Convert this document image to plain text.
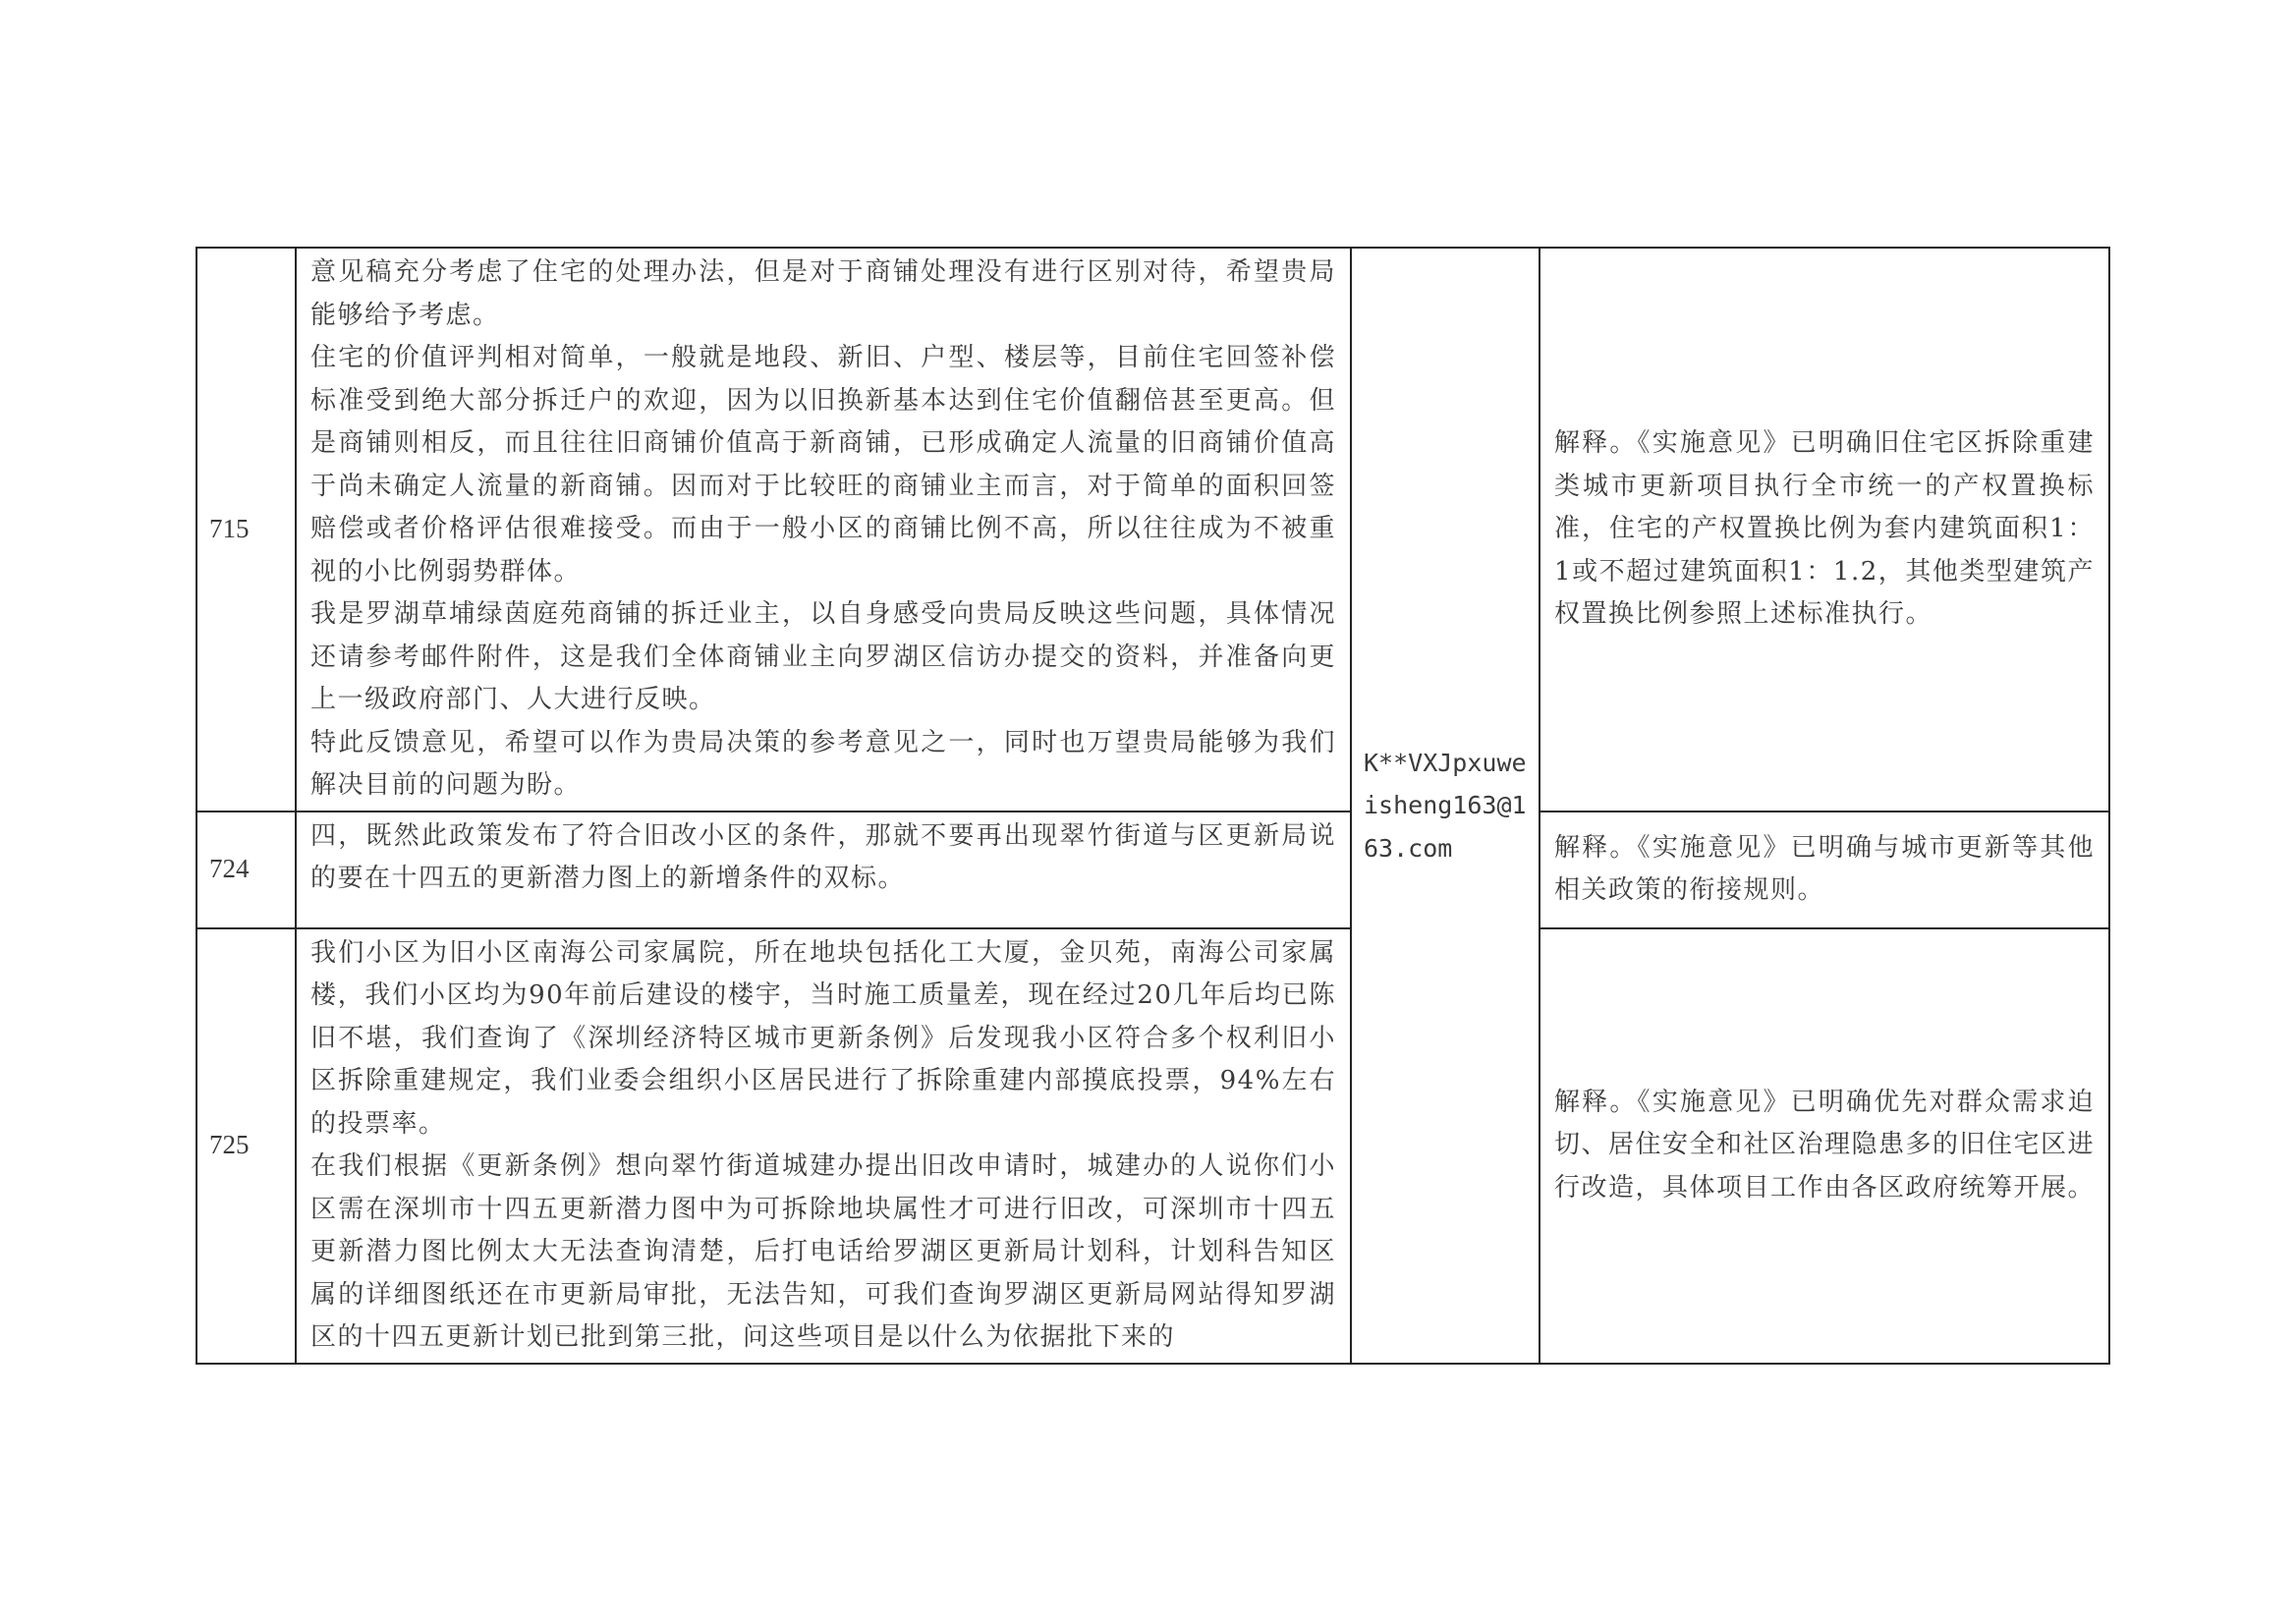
715	意见稿充分考虑了住宅的处理办法，但是对于商铺处理没有进行区别对待，希望贵局能够给予考虑。

住宅的价值评判相对简单，一般就是地段、新旧、户型、楼层等，目前住宅回签补偿标准受到绝大部分拆迁户的欢迎，因为以旧换新基本达到住宅价值翻倍甚至更高。但是商铺则相反，而且往往旧商铺价值高于新商铺，已形成确定人流量的旧商铺价值高于尚未确定人流量的新商铺。因而对于比较旺的商铺业主而言，对于简单的面积回签赔偿或者价格评估很难接受。而由于一般小区的商铺比例不高，所以往往成为不被重视的小比例弱势群体。

我是罗湖草埔绿茵庭苑商铺的拆迁业主，以自身感受向贵局反映这些问题，具体情况还请参考邮件附件，这是我们全体商铺业主向罗湖区信访办提交的资料，并准备向更上一级政府部门、人大进行反映。

特此反馈意见，希望可以作为贵局决策的参考意见之一，同时也万望贵局能够为我们解决目前的问题为盼。	K**VXJpxuweisheng163@163.com	解释。《实施意见》已明确旧住宅区拆除重建类城市更新项目执行全市统一的产权置换标准，住宅的产权置换比例为套内建筑面积1：1或不超过建筑面积1：1.2，其他类型建筑产权置换比例参照上述标准执行。

724	四，既然此政策发布了符合旧改小区的条件，那就不要再出现翠竹街道与区更新局说的要在十四五的更新潜力图上的新增条件的双标。		解释。《实施意见》已明确与城市更新等其他相关政策的衔接规则。

725	我们小区为旧小区南海公司家属院，所在地块包括化工大厦，金贝苑，南海公司家属楼，我们小区均为90年前后建设的楼宇，当时施工质量差，现在经过20几年后均已陈旧不堪，我们查询了《深圳经济特区城市更新条例》后发现我小区符合多个权利旧小区拆除重建规定，我们业委会组织小区居民进行了拆除重建内部摸底投票，94%左右的投票率。

在我们根据《更新条例》想向翠竹街道城建办提出旧改申请时，城建办的人说你们小区需在深圳市十四五更新潜力图中为可拆除地块属性才可进行旧改，可深圳市十四五更新潜力图比例太大无法查询清楚，后打电话给罗湖区更新局计划科，计划科告知区属的详细图纸还在市更新局审批，无法告知，可我们查询罗湖区更新局网站得知罗湖区的十四五更新计划已批到第三批，问这些项目是以什么为依据批下来的		解释。《实施意见》已明确优先对群众需求迫切、居住安全和社区治理隐患多的旧住宅区进行改造，具体项目工作由各区政府统筹开展。
